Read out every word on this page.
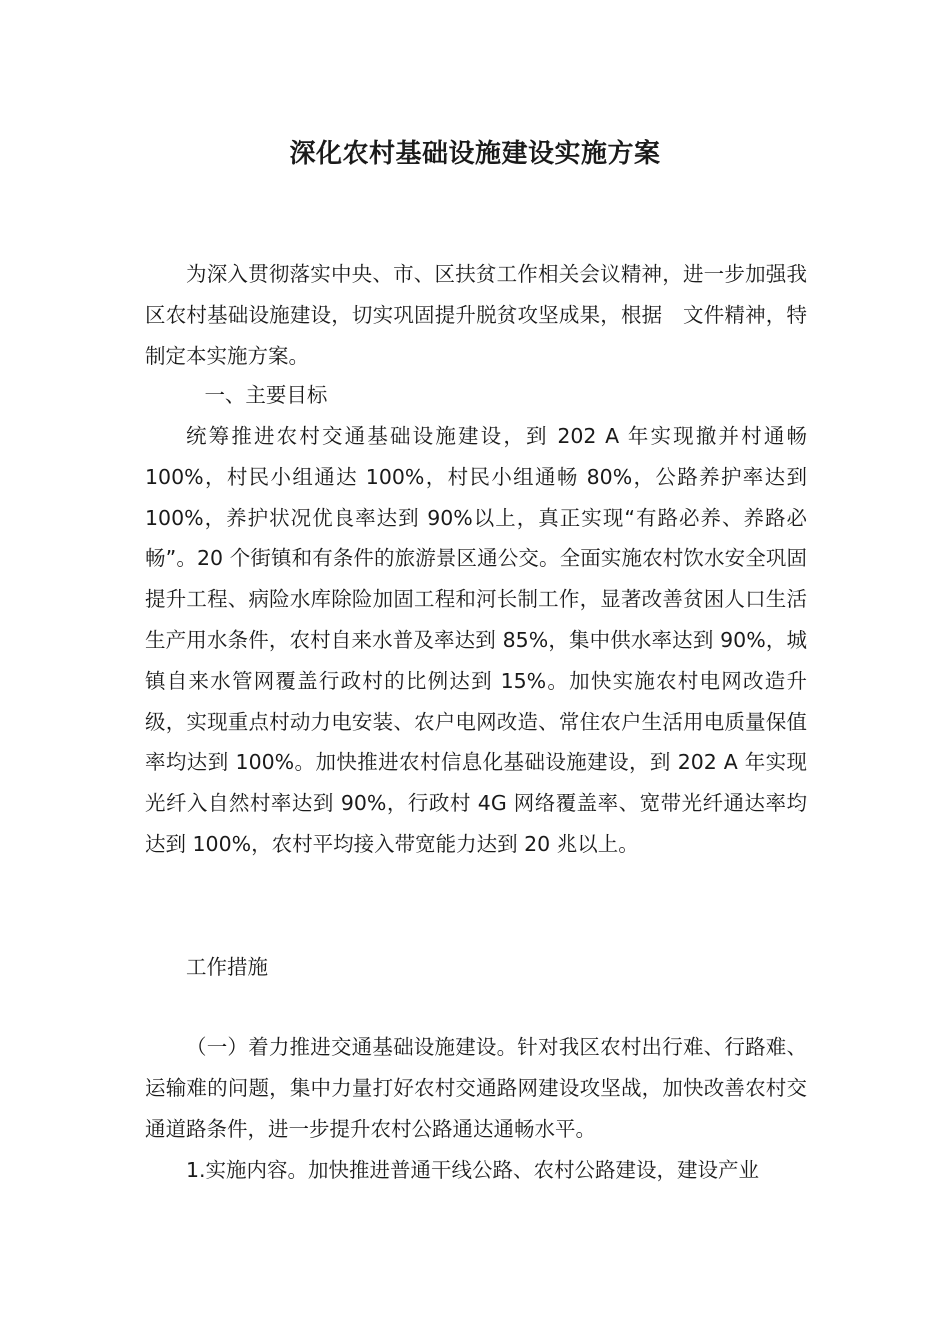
深化农村基础设施建设实施方案

为深入贯彻落实中央、市、区扶贫工作相关会议精神，进一步加强我区农村基础设施建设，切实巩固提升脱贫攻坚成果，根据　文件精神，特制定本实施方案。

一、主要目标

统筹推进农村交通基础设施建设，到 202 A 年实现撤并村通畅 100%，村民小组通达 100%，村民小组通畅 80%，公路养护率达到 100%，养护状况优良率达到 90%以上，真正实现“有路必养、养路必畅”。20 个街镇和有条件的旅游景区通公交。全面实施农村饮水安全巩固提升工程、病险水库除险加固工程和河长制工作，显著改善贫困人口生活生产用水条件，农村自来水普及率达到 85%，集中供水率达到 90%，城镇自来水管网覆盖行政村的比例达到 15%。加快实施农村电网改造升级，实现重点村动力电安装、农户电网改造、常住农户生活用电质量保值率均达到 100%。加快推进农村信息化基础设施建设，到 202 A 年实现光纤入自然村率达到 90%，行政村 4G 网络覆盖率、宽带光纤通达率均达到 100%，农村平均接入带宽能力达到 20 兆以上。

工作措施

（一）着力推进交通基础设施建设。针对我区农村出行难、行路难、运输难的问题，集中力量打好农村交通路网建设攻坚战，加快改善农村交通道路条件，进一步提升农村公路通达通畅水平。

1.实施内容。加快推进普通干线公路、农村公路建设，建设产业
